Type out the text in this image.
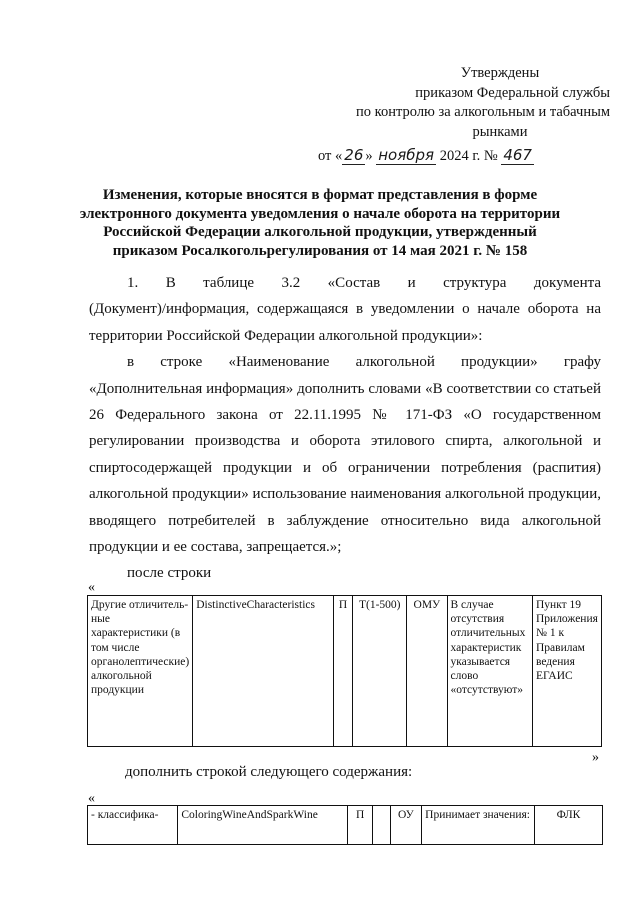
Утверждены
приказом Федеральной службы
по контролю за алкогольным и табачным
рынками
от « 26 » ноября 2024 г. № 467
Изменения, которые вносятся в формат представления в форме электронного документа уведомления о начале оборота на территории Российской Федерации алкогольной продукции, утвержденный приказом Росалкогольрегулирования от 14 мая 2021 г. № 158

1. В таблице 3.2 «Состав и структура документа

(Документ)/информация, содержащаяся в уведомлении о начале оборота на территории Российской Федерации алкогольной продукции»:

в строке «Наименование алкогольной продукции» графу «Дополнительная информация» дополнить словами «В соответствии со статьей 26 Федерального закона от 22.11.1995 № 171-ФЗ «О государственном регулировании производства и оборота этилового спирта, алкогольной и спиртосодержащей продукции и об ограничении потребления (распития) алкогольной продукции» использование наименования алкогольной продукции, вводящего потребителей в заблуждение относительно вида алкогольной продукции и ее состава, запрещается.»;

после строки

«
Другие отличитель-ные характеристики (в том числе органолептические) алкогольной продукции	DistinctiveCharacteristics	П	Т(1-500)	ОМУ	В случае отсутствия отличительных характеристик указывается слово «отсутствуют»	Пункт 19 Приложения № 1 к Правилам ведения ЕГАИС
»
дополнить строкой следующего содержания:
«
- классифика-	ColoringWineAndSparkWine	П		ОУ	Принимает значения:	ФЛК
